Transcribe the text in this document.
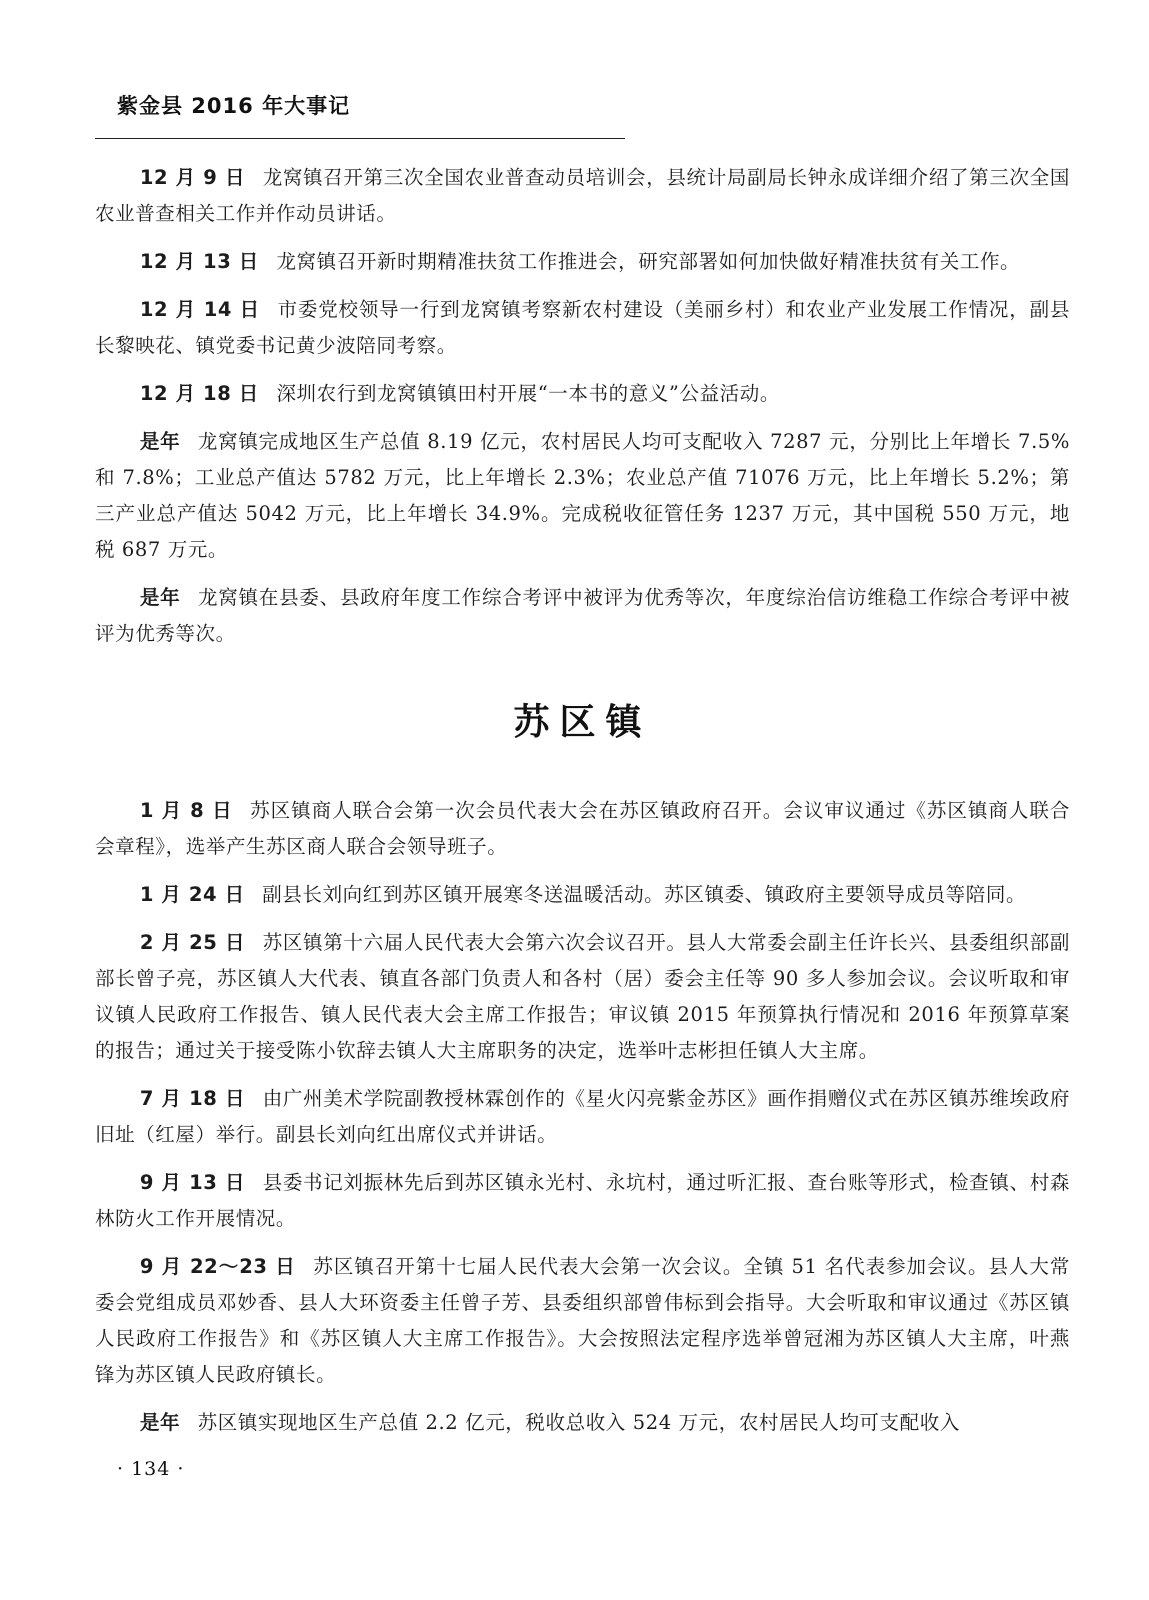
紫金县 2016 年大事记

12 月 9 日 龙窝镇召开第三次全国农业普查动员培训会，县统计局副局长钟永成详细介绍了第三次全国农业普查相关工作并作动员讲话。

12 月 13 日 龙窝镇召开新时期精准扶贫工作推进会，研究部署如何加快做好精准扶贫有关工作。

12 月 14 日 市委党校领导一行到龙窝镇考察新农村建设（美丽乡村）和农业产业发展工作情况，副县长黎映花、镇党委书记黄少波陪同考察。

12 月 18 日 深圳农行到龙窝镇镇田村开展“一本书的意义”公益活动。

是年 龙窝镇完成地区生产总值 8.19 亿元，农村居民人均可支配收入 7287 元，分别比上年增长 7.5%和 7.8%；工业总产值达 5782 万元，比上年增长 2.3%；农业总产值 71076 万元，比上年增长 5.2%；第三产业总产值达 5042 万元，比上年增长 34.9%。完成税收征管任务 1237 万元，其中国税 550 万元，地税 687 万元。

是年 龙窝镇在县委、县政府年度工作综合考评中被评为优秀等次，年度综治信访维稳工作综合考评中被评为优秀等次。

苏区镇

1 月 8 日 苏区镇商人联合会第一次会员代表大会在苏区镇政府召开。会议审议通过《苏区镇商人联合会章程》，选举产生苏区商人联合会领导班子。

1 月 24 日 副县长刘向红到苏区镇开展寒冬送温暖活动。苏区镇委、镇政府主要领导成员等陪同。

2 月 25 日 苏区镇第十六届人民代表大会第六次会议召开。县人大常委会副主任许长兴、县委组织部副部长曾子亮，苏区镇人大代表、镇直各部门负责人和各村（居）委会主任等 90 多人参加会议。会议听取和审议镇人民政府工作报告、镇人民代表大会主席工作报告；审议镇 2015 年预算执行情况和 2016 年预算草案的报告；通过关于接受陈小钦辞去镇人大主席职务的决定，选举叶志彬担任镇人大主席。

7 月 18 日 由广州美术学院副教授林霖创作的《星火闪亮紫金苏区》画作捐赠仪式在苏区镇苏维埃政府旧址（红屋）举行。副县长刘向红出席仪式并讲话。

9 月 13 日 县委书记刘振林先后到苏区镇永光村、永坑村，通过听汇报、查台账等形式，检查镇、村森林防火工作开展情况。

9 月 22～23 日 苏区镇召开第十七届人民代表大会第一次会议。全镇 51 名代表参加会议。县人大常委会党组成员邓妙香、县人大环资委主任曾子芳、县委组织部曾伟标到会指导。大会听取和审议通过《苏区镇人民政府工作报告》和《苏区镇人大主席工作报告》。大会按照法定程序选举曾冠湘为苏区镇人大主席，叶燕锋为苏区镇人民政府镇长。

是年 苏区镇实现地区生产总值 2.2 亿元，税收总收入 524 万元，农村居民人均可支配收入

· 134 ·
